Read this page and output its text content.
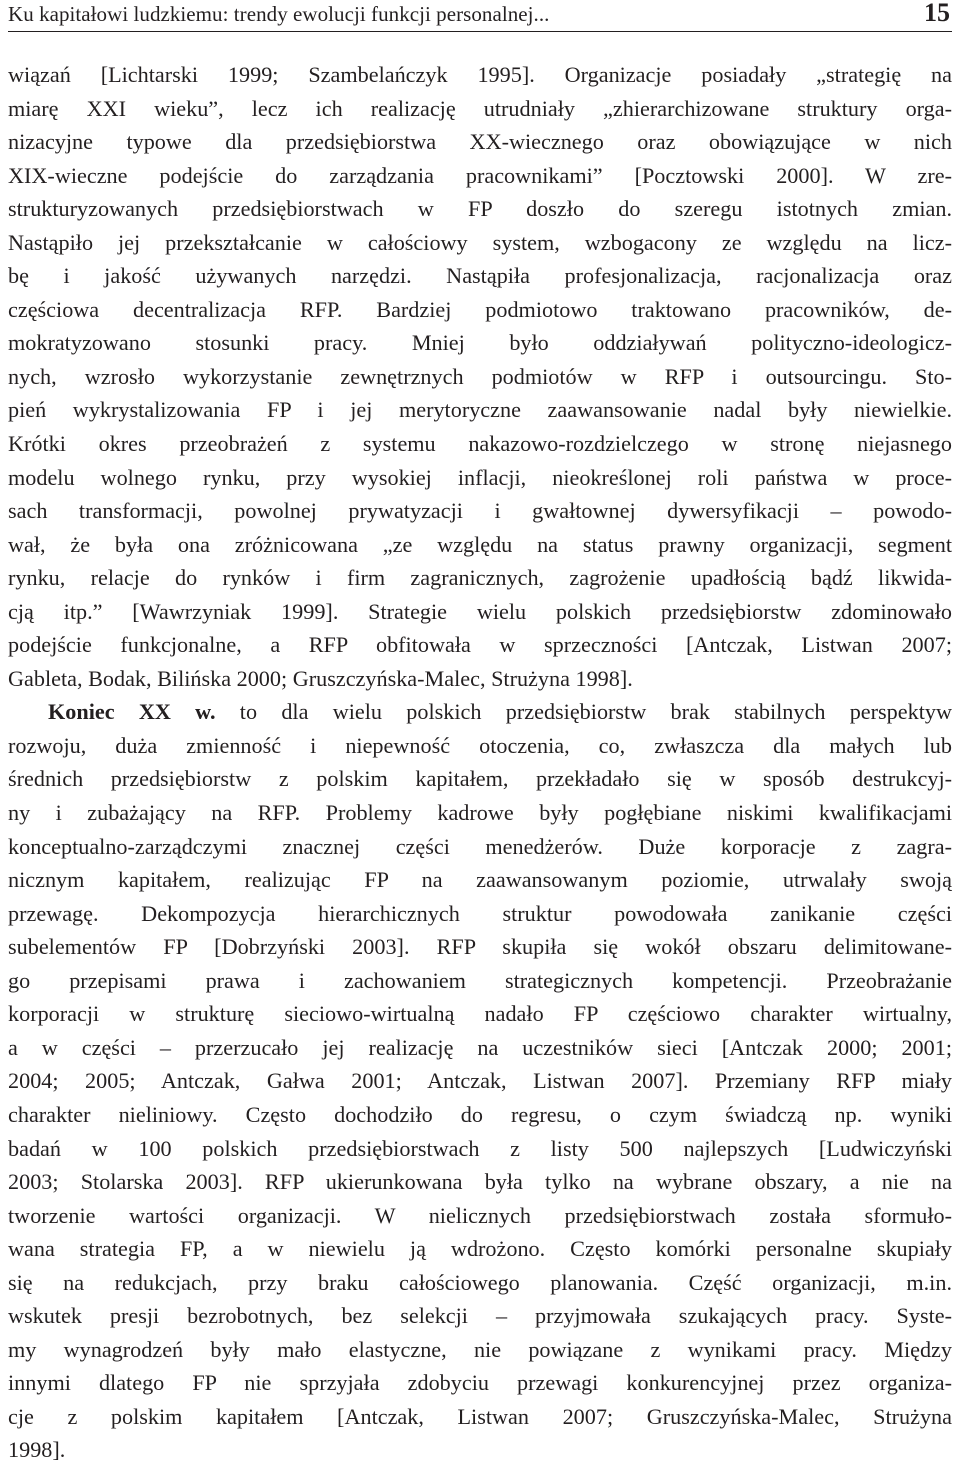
Ku kapitałowi ludzkiemu: trendy ewolucji funkcji personalnej...	15
wiązań [Lichtarski 1999; Szambelańczyk 1995]. Organizacje posiadały „strategię na
miarę XXI wieku”, lecz ich realizację utrudniały „zhierarchizowane struktury orga-
nizacyjne typowe dla przedsiębiorstwa XX-wiecznego oraz obowiązujące w nich
XIX-wieczne podejście do zarządzania pracownikami” [Pocztowski 2000]. W zre-
strukturyzowanych przedsiębiorstwach w FP doszło do szeregu istotnych zmian.
Nastąpiło jej przekształcanie w całościowy system, wzbogacony ze względu na licz-
bę i jakość używanych narzędzi. Nastąpiła profesjonalizacja, racjonalizacja oraz
częściowa decentralizacja RFP. Bardziej podmiotowo traktowano pracowników, de-
mokratyzowano stosunki pracy. Mniej było oddziaływań polityczno-ideologicz-
nych, wzrosło wykorzystanie zewnętrznych podmiotów w RFP i outsourcingu. Sto-
pień wykrystalizowania FP i jej merytoryczne zaawansowanie nadal były niewielkie.
Krótki okres przeobrażeń z systemu nakazowo-rozdzielczego w stronę niejasnego
modelu wolnego rynku, przy wysokiej inflacji, nieokreślonej roli państwa w proce-
sach transformacji, powolnej prywatyzacji i gwałtownej dywersyfikacji – powodo-
wał, że była ona zróżnicowana „ze względu na status prawny organizacji, segment
rynku, relacje do rynków i firm zagranicznych, zagrożenie upadłością bądź likwida-
cją itp.” [Wawrzyniak 1999]. Strategie wielu polskich przedsiębiorstw zdominowało
podejście funkcjonalne, a RFP obfitowała w sprzeczności [Antczak, Listwan 2007;
Gableta, Bodak, Bilińska 2000; Gruszczyńska-Malec, Strużyna 1998].
Koniec XX w. to dla wielu polskich przedsiębiorstw brak stabilnych perspektyw
rozwoju, duża zmienność i niepewność otoczenia, co, zwłaszcza dla małych lub
średnich przedsiębiorstw z polskim kapitałem, przekładało się w sposób destrukcyj-
ny i zubażający na RFP. Problemy kadrowe były pogłębiane niskimi kwalifikacjami
konceptualno-zarządczymi znacznej części menedżerów. Duże korporacje z zagra-
nicznym kapitałem, realizując FP na zaawansowanym poziomie, utrwalały swoją
przewagę. Dekompozycja hierarchicznych struktur powodowała zanikanie części
subelementów FP [Dobrzyński 2003]. RFP skupiła się wokół obszaru delimitowane-
go przepisami prawa i zachowaniem strategicznych kompetencji. Przeobrażanie
korporacji w strukturę sieciowo-wirtualną nadało FP częściowo charakter wirtualny,
a w części – przerzucało jej realizację na uczestników sieci [Antczak 2000; 2001;
2004; 2005; Antczak, Gałwa 2001; Antczak, Listwan 2007]. Przemiany RFP miały
charakter nieliniowy. Często dochodziło do regresu, o czym świadczą np. wyniki
badań w 100 polskich przedsiębiorstwach z listy 500 najlepszych [Ludwiczyński
2003; Stolarska 2003]. RFP ukierunkowana była tylko na wybrane obszary, a nie na
tworzenie wartości organizacji. W nielicznych przedsiębiorstwach została sformuło-
wana strategia FP, a w niewielu ją wdrożono. Często komórki personalne skupiały
się na redukcjach, przy braku całościowego planowania. Część organizacji, m.in.
wskutek presji bezrobotnych, bez selekcji – przyjmowała szukających pracy. Syste-
my wynagrodzeń były mało elastyczne, nie powiązane z wynikami pracy. Między
innymi dlatego FP nie sprzyjała zdobyciu przewagi konkurencyjnej przez organiza-
cje z polskim kapitałem [Antczak, Listwan 2007; Gruszczyńska-Malec, Strużyna
1998].
